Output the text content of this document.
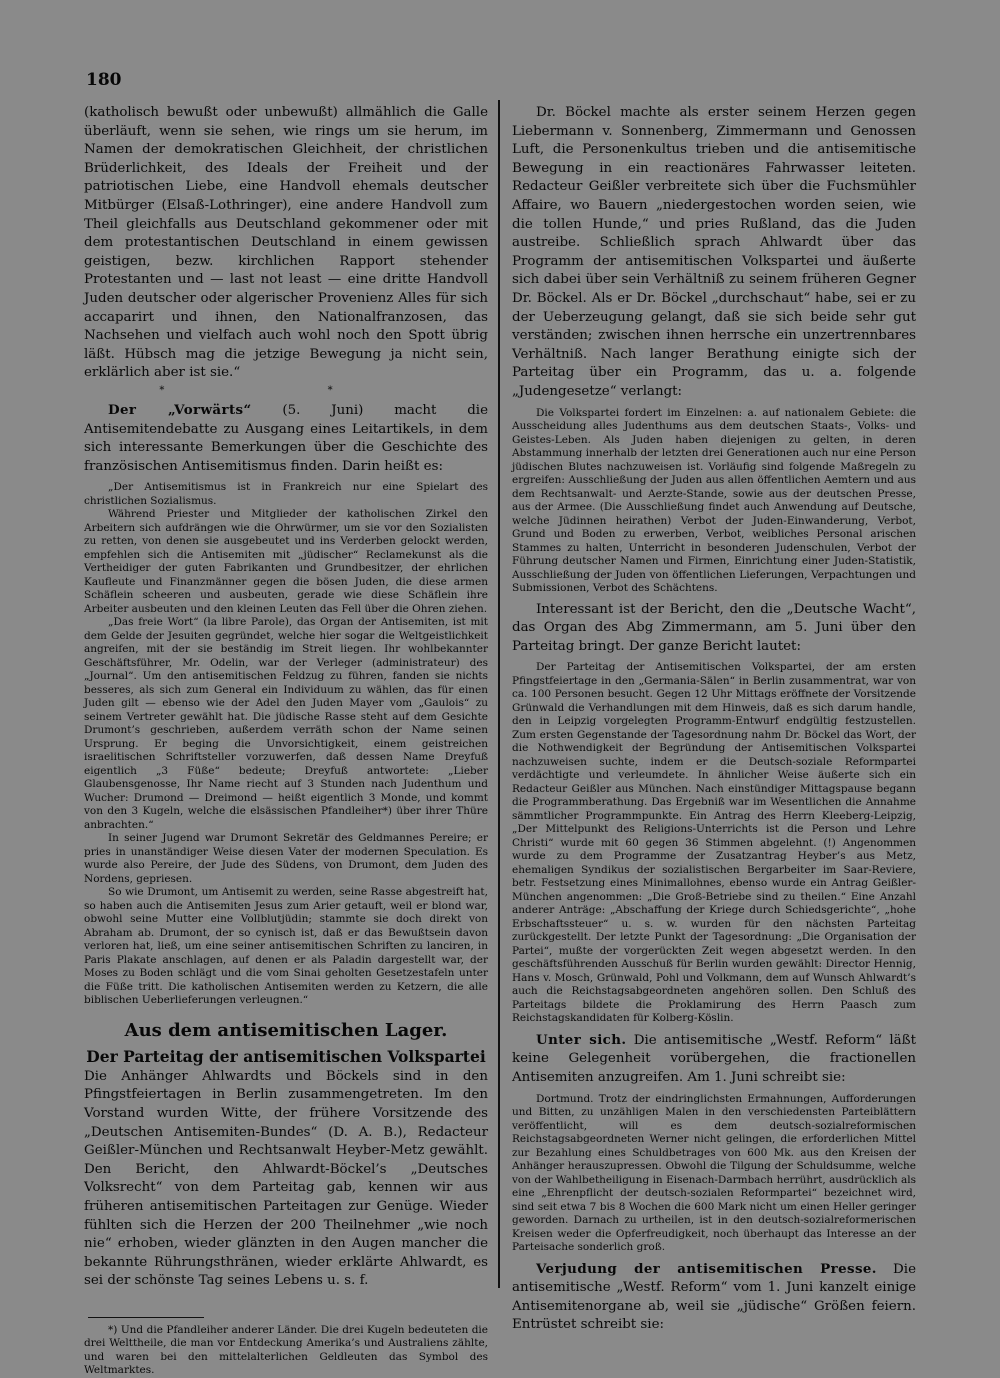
180

(katholisch bewußt oder unbewußt) allmählich die Galle überläuft, wenn sie sehen, wie rings um sie herum, im Namen der demokratischen Gleichheit, der christlichen Brüderlichkeit, des Ideals der Freiheit und der patriotischen Liebe, eine Handvoll ehemals deutscher Mitbürger (Elsaß-Lothringer), eine andere Handvoll zum Theil gleichfalls aus Deutschland gekommener oder mit dem protestantischen Deutschland in einem gewissen geistigen, bezw. kirchlichen Rapport stehender Protestanten und — last not least — eine dritte Handvoll Juden deutscher oder algerischer Provenienz Alles für sich accaparirt und ihnen, den Nationalfranzosen, das Nachsehen und vielfach auch wohl noch den Spott übrig läßt. Hübsch mag die jetzige Bewegung ja nicht sein, erklärlich aber ist sie.“

* *

Der „Vorwärts“ (5. Juni) macht die Antisemitendebatte zu Ausgang eines Leitartikels, in dem sich interessante Bemerkungen über die Geschichte des französischen Antisemitismus finden. Darin heißt es:

„Der Antisemitismus ist in Frankreich nur eine Spielart des christlichen Sozialismus.

Während Priester und Mitglieder der katholischen Zirkel den Arbeitern sich aufdrängen wie die Ohrwürmer, um sie vor den Sozialisten zu retten, von denen sie ausgebeutet und ins Verderben gelockt werden, empfehlen sich die Antisemiten mit „jüdischer“ Reclamekunst als die Vertheidiger der guten Fabrikanten und Grundbesitzer, der ehrlichen Kaufleute und Finanzmänner gegen die bösen Juden, die diese armen Schäflein scheeren und ausbeuten, gerade wie diese Schäflein ihre Arbeiter ausbeuten und den kleinen Leuten das Fell über die Ohren ziehen.

„Das freie Wort“ (la libre Parole), das Organ der Antisemiten, ist mit dem Gelde der Jesuiten gegründet, welche hier sogar die Weltgeistlichkeit angreifen, mit der sie beständig im Streit liegen. Ihr wohlbekannter Geschäftsführer, Mr. Odelin, war der Verleger (administrateur) des „Journal“. Um den antisemitischen Feldzug zu führen, fanden sie nichts besseres, als sich zum General ein Individuum zu wählen, das für einen Juden gilt — ebenso wie der Adel den Juden Mayer vom „Gaulois“ zu seinem Vertreter gewählt hat. Die jüdische Rasse steht auf dem Gesichte Drumont’s geschrieben, außerdem verräth schon der Name seinen Ursprung. Er beging die Unvorsichtigkeit, einem geistreichen israelitischen Schriftsteller vorzuwerfen, daß dessen Name Dreyfuß eigentlich „3 Füße“ bedeute; Dreyfuß antwortete: „Lieber Glaubensgenosse, Ihr Name riecht auf 3 Stunden nach Judenthum und Wucher: Drumond — Dreimond — heißt eigentlich 3 Monde, und kommt von den 3 Kugeln, welche die elsässischen Pfandleiher*) über ihrer Thüre anbrachten.“

In seiner Jugend war Drumont Sekretär des Geldmannes Pereire; er pries in unanständiger Weise diesen Vater der modernen Speculation. Es wurde also Pereire, der Jude des Südens, von Drumont, dem Juden des Nordens, gepriesen.

So wie Drumont, um Antisemit zu werden, seine Rasse abgestreift hat, so haben auch die Antisemiten Jesus zum Arier getauft, weil er blond war, obwohl seine Mutter eine Vollblutjüdin; stammte sie doch direkt von Abraham ab. Drumont, der so cynisch ist, daß er das Bewußtsein davon verloren hat, ließ, um eine seiner antisemitischen Schriften zu lanciren, in Paris Plakate anschlagen, auf denen er als Paladin dargestellt war, der Moses zu Boden schlägt und die vom Sinai geholten Gesetzestafeln unter die Füße tritt. Die katholischen Antisemiten werden zu Ketzern, die alle biblischen Ueberlieferungen verleugnen.“

Aus dem antisemitischen Lager.
Der Parteitag der antisemitischen Volkspartei

Die Anhänger Ahlwardts und Böckels sind in den Pfingstfeiertagen in Berlin zusammengetreten. Im den Vorstand wurden Witte, der frühere Vorsitzende des „Deutschen Antisemiten-Bundes“ (D. A. B.), Redacteur Geißler-München und Rechtsanwalt Heyber-Metz gewählt. Den Bericht, den Ahlwardt-Böckel’s „Deutsches Volksrecht“ von dem Parteitag gab, kennen wir aus früheren antisemitischen Parteitagen zur Genüge. Wieder fühlten sich die Herzen der 200 Theilnehmer „wie noch nie“ erhoben, wieder glänzten in den Augen mancher die bekannte Rührungsthränen, wieder erklärte Ahlwardt, es sei der schönste Tag seines Lebens u. s. f.

*) Und die Pfandleiher anderer Länder. Die drei Kugeln bedeuteten die drei Welttheile, die man vor Entdeckung Amerika’s und Australiens zählte, und waren bei den mittelalterlichen Geldleuten das Symbol des Weltmarktes.

Dr. Böckel machte als erster seinem Herzen gegen Liebermann v. Sonnenberg, Zimmermann und Genossen Luft, die Personenkultus trieben und die antisemitische Bewegung in ein reactionäres Fahrwasser leiteten. Redacteur Geißler verbreitete sich über die Fuchsmühler Affaire, wo Bauern „niedergestochen worden seien, wie die tollen Hunde,“ und pries Rußland, das die Juden austreibe. Schließlich sprach Ahlwardt über das Programm der antisemitischen Volkspartei und äußerte sich dabei über sein Verhältniß zu seinem früheren Gegner Dr. Böckel. Als er Dr. Böckel „durchschaut“ habe, sei er zu der Ueberzeugung gelangt, daß sie sich beide sehr gut verständen; zwischen ihnen herrsche ein unzertrennbares Verhältniß. Nach langer Berathung einigte sich der Parteitag über ein Programm, das u. a. folgende „Judengesetze“ verlangt:

Die Volkspartei fordert im Einzelnen: a. auf nationalem Gebiete: die Ausscheidung alles Judenthums aus dem deutschen Staats-, Volks- und Geistes-Leben. Als Juden haben diejenigen zu gelten, in deren Abstammung innerhalb der letzten drei Generationen auch nur eine Person jüdischen Blutes nachzuweisen ist. Vorläufig sind folgende Maßregeln zu ergreifen: Ausschließung der Juden aus allen öffentlichen Aemtern und aus dem Rechtsanwalt- und Aerzte-Stande, sowie aus der deutschen Presse, aus der Armee. (Die Ausschließung findet auch Anwendung auf Deutsche, welche Jüdinnen heirathen) Verbot der Juden-Einwanderung, Verbot, Grund und Boden zu erwerben, Verbot, weibliches Personal arischen Stammes zu halten, Unterricht in besonderen Judenschulen, Verbot der Führung deutscher Namen und Firmen, Einrichtung einer Juden-Statistik, Ausschließung der Juden von öffentlichen Lieferungen, Verpachtungen und Submissionen, Verbot des Schächtens.

Interessant ist der Bericht, den die „Deutsche Wacht“, das Organ des Abg Zimmermann, am 5. Juni über den Parteitag bringt. Der ganze Bericht lautet:

Der Parteitag der Antisemitischen Volkspartei, der am ersten Pfingstfeiertage in den „Germania-Sälen“ in Berlin zusammentrat, war von ca. 100 Personen besucht. Gegen 12 Uhr Mittags eröffnete der Vorsitzende Grünwald die Verhandlungen mit dem Hinweis, daß es sich darum handle, den in Leipzig vorgelegten Programm-Entwurf endgültig festzustellen. Zum ersten Gegenstande der Tagesordnung nahm Dr. Böckel das Wort, der die Nothwendigkeit der Begründung der Antisemitischen Volkspartei nachzuweisen suchte, indem er die Deutsch-soziale Reformpartei verdächtigte und verleumdete. In ähnlicher Weise äußerte sich ein Redacteur Geißler aus München. Nach einstündiger Mittagspause begann die Programmberathung. Das Ergebniß war im Wesentlichen die Annahme sämmtlicher Programmpunkte. Ein Antrag des Herrn Kleeberg-Leipzig, „Der Mittelpunkt des Religions-Unterrichts ist die Person und Lehre Christi“ wurde mit 60 gegen 36 Stimmen abgelehnt. (!) Angenommen wurde zu dem Programme der Zusatzantrag Heyber’s aus Metz, ehemaligen Syndikus der sozialistischen Bergarbeiter im Saar-Reviere, betr. Festsetzung eines Minimallohnes, ebenso wurde ein Antrag Geißler-München angenommen: „Die Groß-Betriebe sind zu theilen.“ Eine Anzahl anderer Anträge: „Abschaffung der Kriege durch Schiedsgerichte“, „hohe Erbschaftssteuer“ u. s. w. wurden für den nächsten Parteitag zurückgestellt. Der letzte Punkt der Tagesordnung: „Die Organisation der Partei“, mußte der vorgerückten Zeit wegen abgesetzt werden. In den geschäftsführenden Ausschuß für Berlin wurden gewählt: Director Hennig, Hans v. Mosch, Grünwald, Pohl und Volkmann, dem auf Wunsch Ahlwardt’s auch die Reichstagsabgeordneten angehören sollen. Den Schluß des Parteitags bildete die Proklamirung des Herrn Paasch zum Reichstagskandidaten für Kolberg-Köslin.

Unter sich. Die antisemitische „Westf. Reform“ läßt keine Gelegenheit vorübergehen, die fractionellen Antisemiten anzugreifen. Am 1. Juni schreibt sie:

Dortmund. Trotz der eindringlichsten Ermahnungen, Aufforderungen und Bitten, zu unzähligen Malen in den verschiedensten Parteiblättern veröffentlicht, will es dem deutsch-sozialreformischen Reichstagsabgeordneten Werner nicht gelingen, die erforderlichen Mittel zur Bezahlung eines Schuldbetrages von 600 Mk. aus den Kreisen der Anhänger herauszupressen. Obwohl die Tilgung der Schuldsumme, welche von der Wahlbetheiligung in Eisenach-Darmbach herrührt, ausdrücklich als eine „Ehrenpflicht der deutsch-sozialen Reformpartei“ bezeichnet wird, sind seit etwa 7 bis 8 Wochen die 600 Mark nicht um einen Heller geringer geworden. Darnach zu urtheilen, ist in den deutsch-sozialreformerischen Kreisen weder die Opferfreudigkeit, noch überhaupt das Interesse an der Parteisache sonderlich groß.

Verjudung der antisemitischen Presse. Die antisemitische „Westf. Reform“ vom 1. Juni kanzelt einige Antisemitenorgane ab, weil sie „jüdische“ Größen feiern. Entrüstet schreibt sie:
